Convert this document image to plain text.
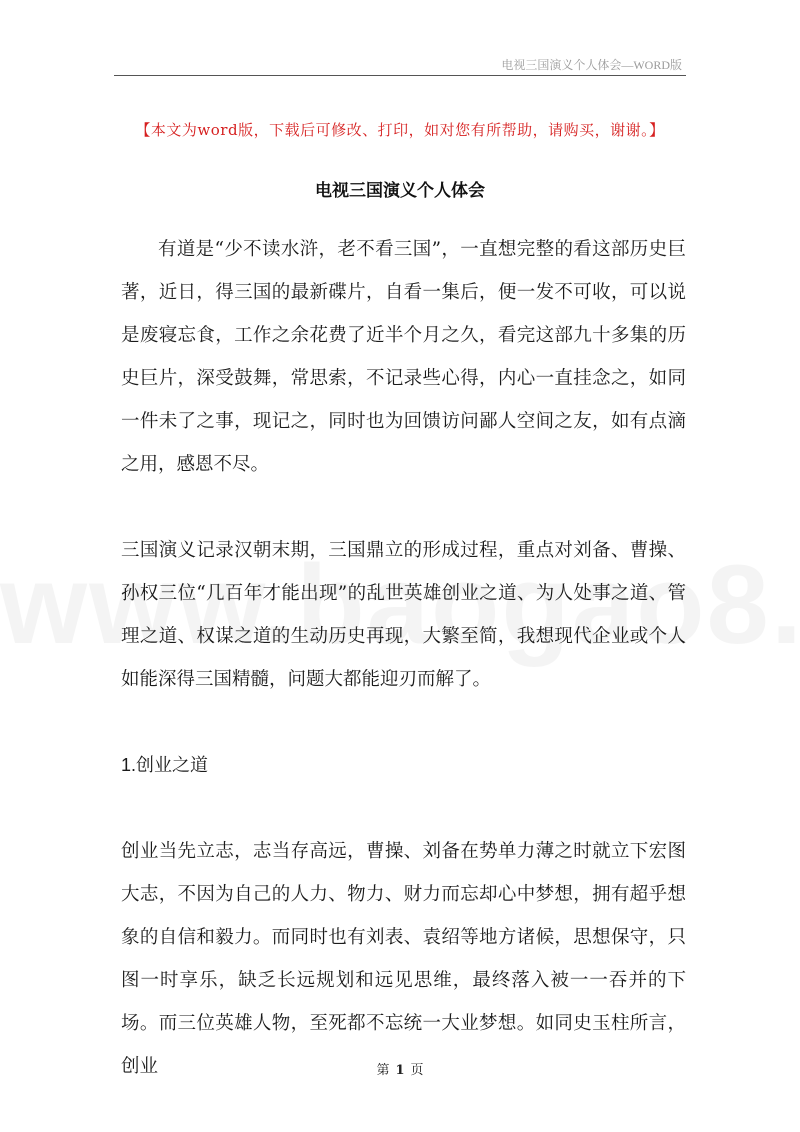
电视三国演义个人体会—WORD版
【本文为word版，下载后可修改、打印，如对您有所帮助，请购买，谢谢。】
电视三国演义个人体会

有道是“少不读水浒，老不看三国”，一直想完整的看这部历史巨著，近日，得三国的最新碟片，自看一集后，便一发不可收，可以说是废寝忘食，工作之余花费了近半个月之久，看完这部九十多集的历史巨片，深受鼓舞，常思索，不记录些心得，内心一直挂念之，如同一件未了之事，现记之，同时也为回馈访问鄙人空间之友，如有点滴之用，感恩不尽。

三国演义记录汉朝末期，三国鼎立的形成过程，重点对刘备、曹操、孙权三位“几百年才能出现”的乱世英雄创业之道、为人处事之道、管理之道、权谋之道的生动历史再现，大繁至简，我想现代企业或个人如能深得三国精髓，问题大都能迎刃而解了。

1.创业之道

创业当先立志，志当存高远，曹操、刘备在势单力薄之时就立下宏图大志，不因为自己的人力、物力、财力而忘却心中梦想，拥有超乎想象的自信和毅力。而同时也有刘表、袁绍等地方诸候，思想保守，只图一时享乐，缺乏长远规划和远见思维，最终落入被一一吞并的下场。而三位英雄人物，至死都不忘统一大业梦想。如同史玉柱所言，创业	第 1 页
